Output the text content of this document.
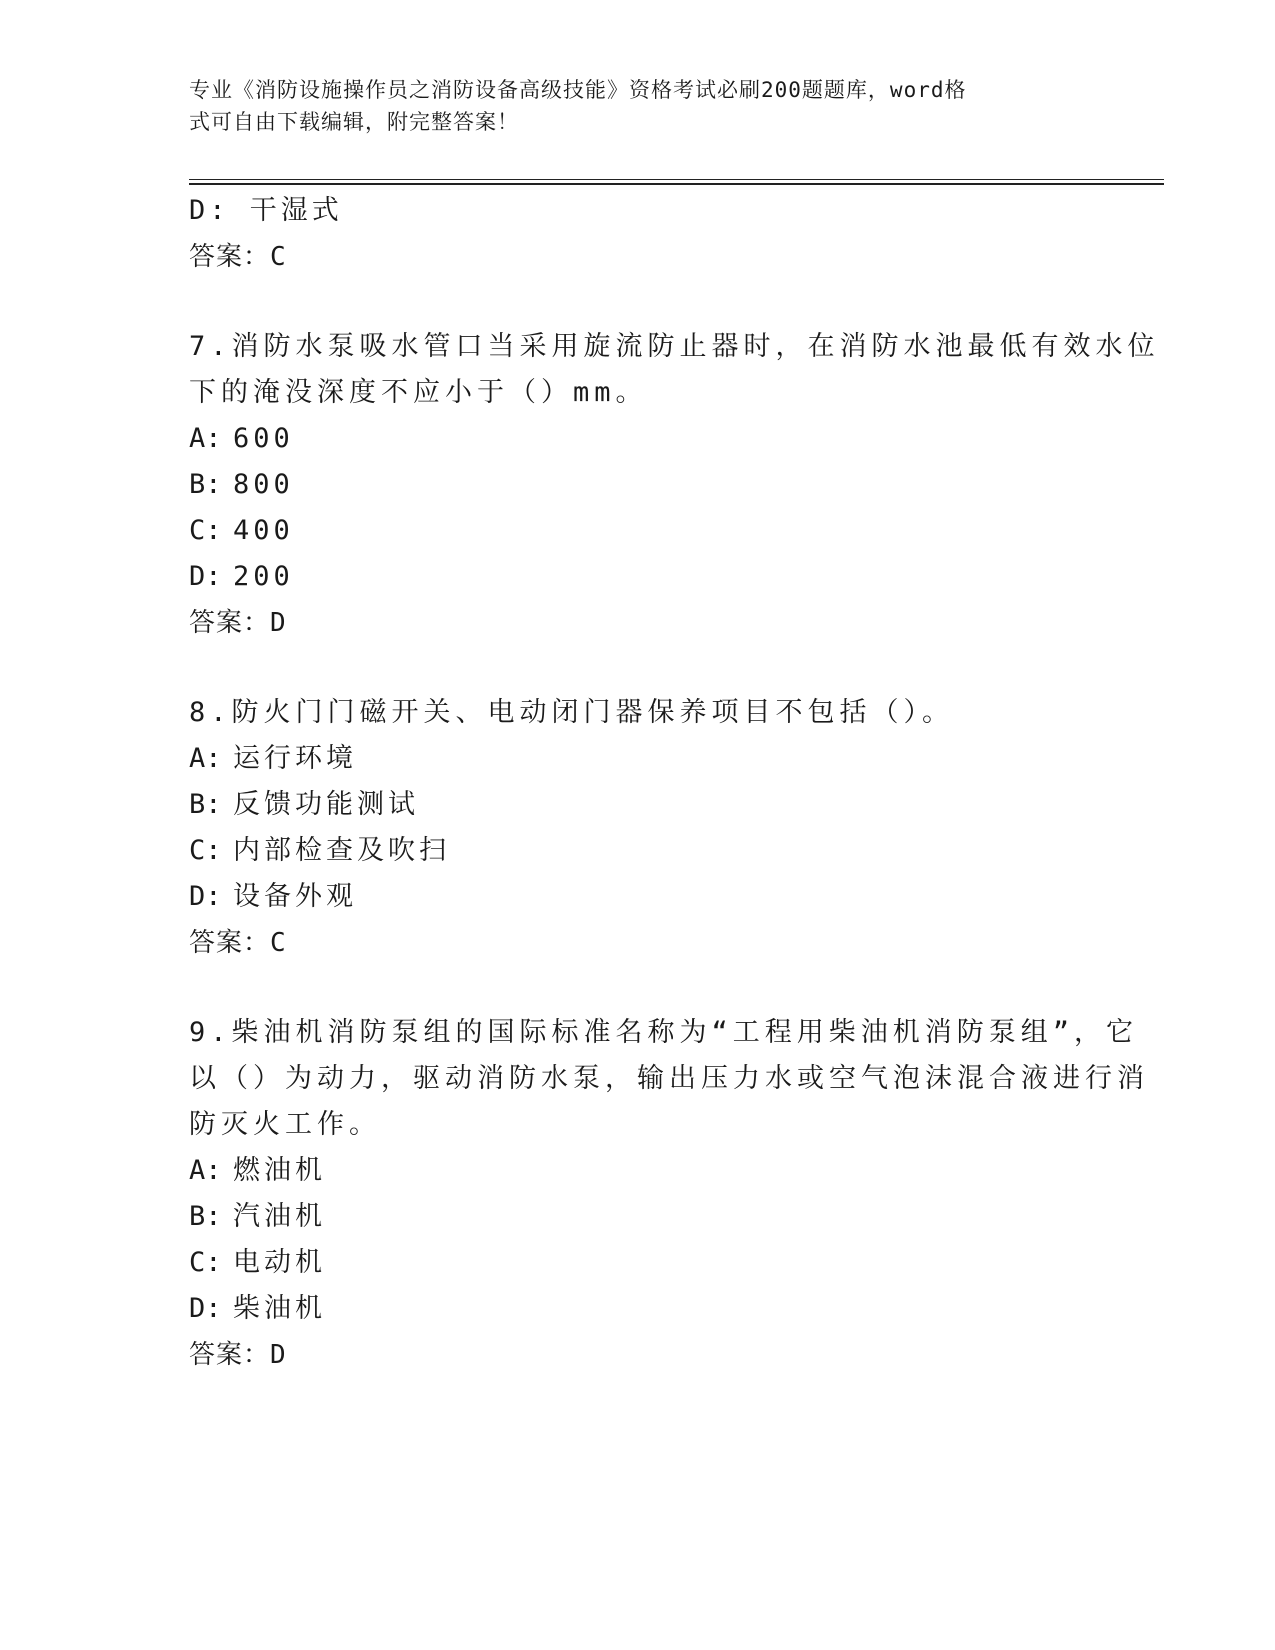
专业《消防设施操作员之消防设备高级技能》资格考试必刷200题题库，word格
式可自由下载编辑，附完整答案！
D: 干湿式
答案：C
7.消防水泵吸水管口当采用旋流防止器时，在消防水池最低有效水位
下的淹没深度不应小于（）mm。
A: 600
B: 800
C: 400
D: 200
答案：D
8.防火门门磁开关、电动闭门器保养项目不包括（）。
A: 运行环境
B: 反馈功能测试
C: 内部检查及吹扫
D: 设备外观
答案：C
9.柴油机消防泵组的国际标准名称为“工程用柴油机消防泵组”，它
以（）为动力，驱动消防水泵，输出压力水或空气泡沫混合液进行消
防灭火工作。
A: 燃油机
B: 汽油机
C: 电动机
D: 柴油机
答案：D
